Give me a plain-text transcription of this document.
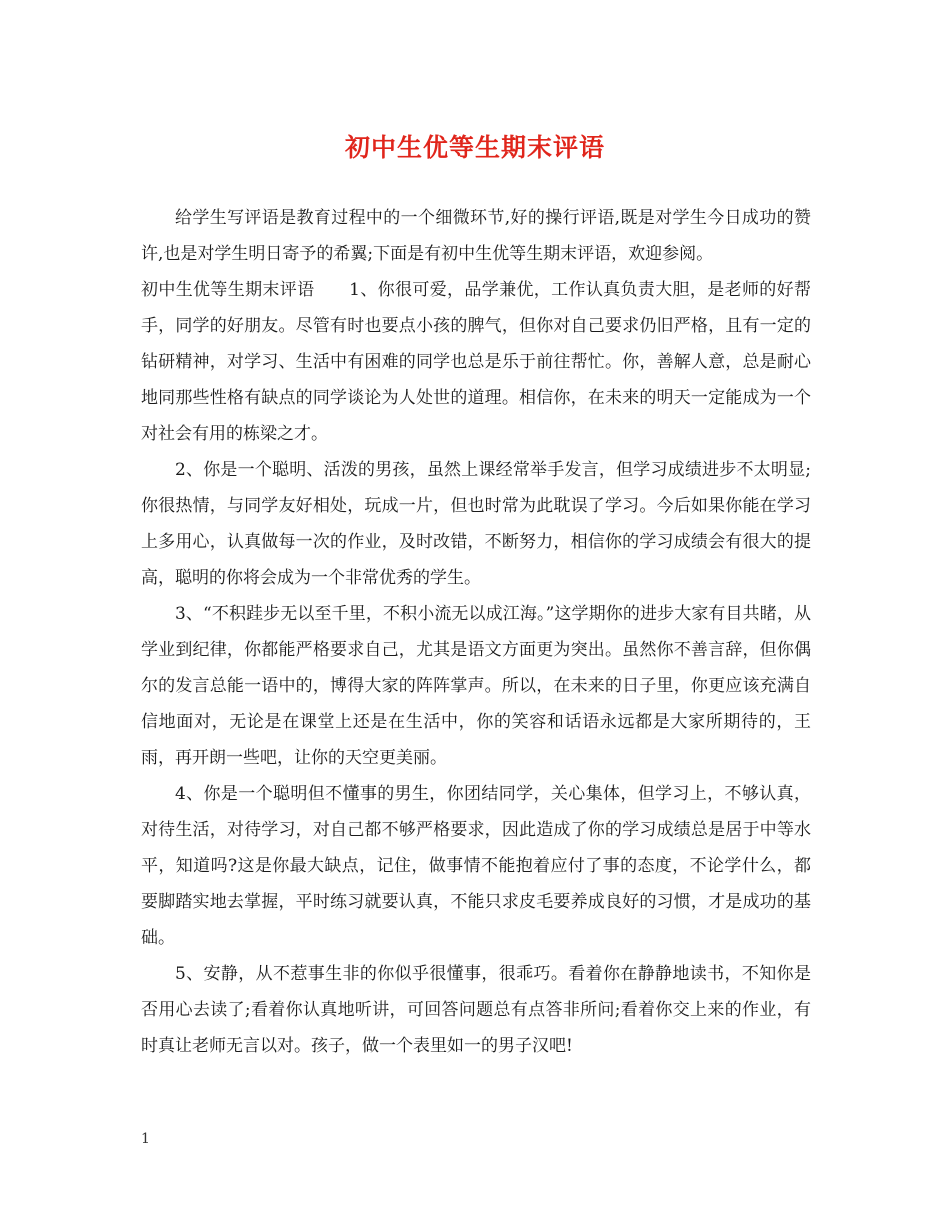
初中生优等生期末评语

给学生写评语是教育过程中的一个细微环节,好的操行评语,既是对学生今日成功的赞许,也是对学生明日寄予的希翼;下面是有初中生优等生期末评语，欢迎参阅。

初中生优等生期末评语　　1、你很可爱，品学兼优，工作认真负责大胆，是老师的好帮手，同学的好朋友。尽管有时也要点小孩的脾气，但你对自己要求仍旧严格，且有一定的钻研精神，对学习、生活中有困难的同学也总是乐于前往帮忙。你，善解人意，总是耐心地同那些性格有缺点的同学谈论为人处世的道理。相信你，在未来的明天一定能成为一个对社会有用的栋梁之才。

2、你是一个聪明、活泼的男孩，虽然上课经常举手发言，但学习成绩进步不太明显;你很热情，与同学友好相处，玩成一片，但也时常为此耽误了学习。今后如果你能在学习上多用心，认真做每一次的作业，及时改错，不断努力，相信你的学习成绩会有很大的提高，聪明的你将会成为一个非常优秀的学生。

3、“不积跬步无以至千里，不积小流无以成江海。”这学期你的进步大家有目共睹，从学业到纪律，你都能严格要求自己，尤其是语文方面更为突出。虽然你不善言辞，但你偶尔的发言总能一语中的，博得大家的阵阵掌声。所以，在未来的日子里，你更应该充满自信地面对，无论是在课堂上还是在生活中，你的笑容和话语永远都是大家所期待的，王雨，再开朗一些吧，让你的天空更美丽。

4、你是一个聪明但不懂事的男生，你团结同学，关心集体，但学习上，不够认真，对待生活，对待学习，对自己都不够严格要求，因此造成了你的学习成绩总是居于中等水平，知道吗?这是你最大缺点，记住，做事情不能抱着应付了事的态度，不论学什么，都要脚踏实地去掌握，平时练习就要认真，不能只求皮毛要养成良好的习惯，才是成功的基础。

5、安静，从不惹事生非的你似乎很懂事，很乖巧。看着你在静静地读书，不知你是否用心去读了;看着你认真地听讲，可回答问题总有点答非所问;看着你交上来的作业，有时真让老师无言以对。孩子，做一个表里如一的男子汉吧!

1
